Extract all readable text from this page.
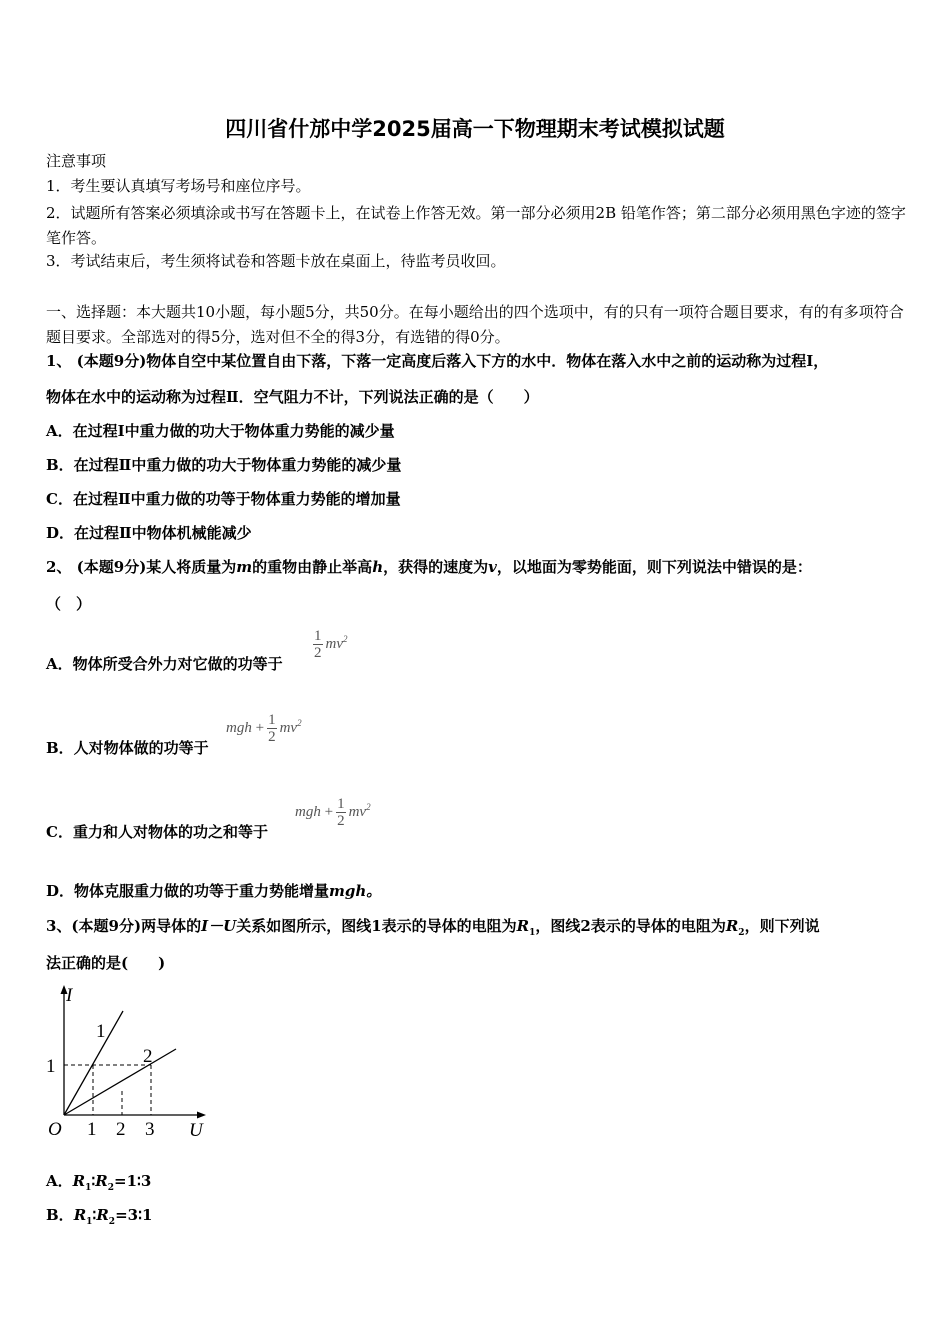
四川省什邡中学2025届高一下物理期末考试模拟试题
注意事项
1．考生要认真填写考场号和座位序号。
2．试题所有答案必须填涂或书写在答题卡上，在试卷上作答无效。第一部分必须用2B 铅笔作答；第二部分必须用黑色字迹的签字笔作答。
3．考试结束后，考生须将试卷和答题卡放在桌面上，待监考员收回。
一、选择题：本大题共10小题，每小题5分，共50分。在每小题给出的四个选项中，有的只有一项符合题目要求，有的有多项符合题目要求。全部选对的得5分，选对但不全的得3分，有选错的得0分。
1、 (本题9分)物体自空中某位置自由下落，下落一定高度后落入下方的水中．物体在落入水中之前的运动称为过程Ⅰ，
物体在水中的运动称为过程Ⅱ．空气阻力不计，下列说法正确的是（　　）
A．在过程Ⅰ中重力做的功大于物体重力势能的减少量
B．在过程Ⅱ中重力做的功大于物体重力势能的减少量
C．在过程Ⅱ中重力做的功等于物体重力势能的增加量
D．在过程Ⅱ中物体机械能减少
2、 (本题9分)某人将质量为m的重物由静止举高h，获得的速度为v，以地面为零势能面，则下列说法中错误的是：
（　）
A．物体所受合外力对它做的功等于
$\frac{1}{2} mv^2$
B．人对物体做的功等于
mgh + $\frac{1}{2} mv^2$
C．重力和人对物体的功之和等于
mgh + $\frac{1}{2} mv^2$
D．物体克服重力做的功等于重力势能增量mgh。
3、(本题9分)两导体的I－U关系如图所示，图线1表示的导体的电阻为$R_1$，图线2表示的导体的电阻为$R_2$，则下列说
法正确的是(　　)
I
U
O 1 2 3
1
1
2
A．$R_1∶R_2=1∶3$
B．$R_1∶R_2=3∶1$
